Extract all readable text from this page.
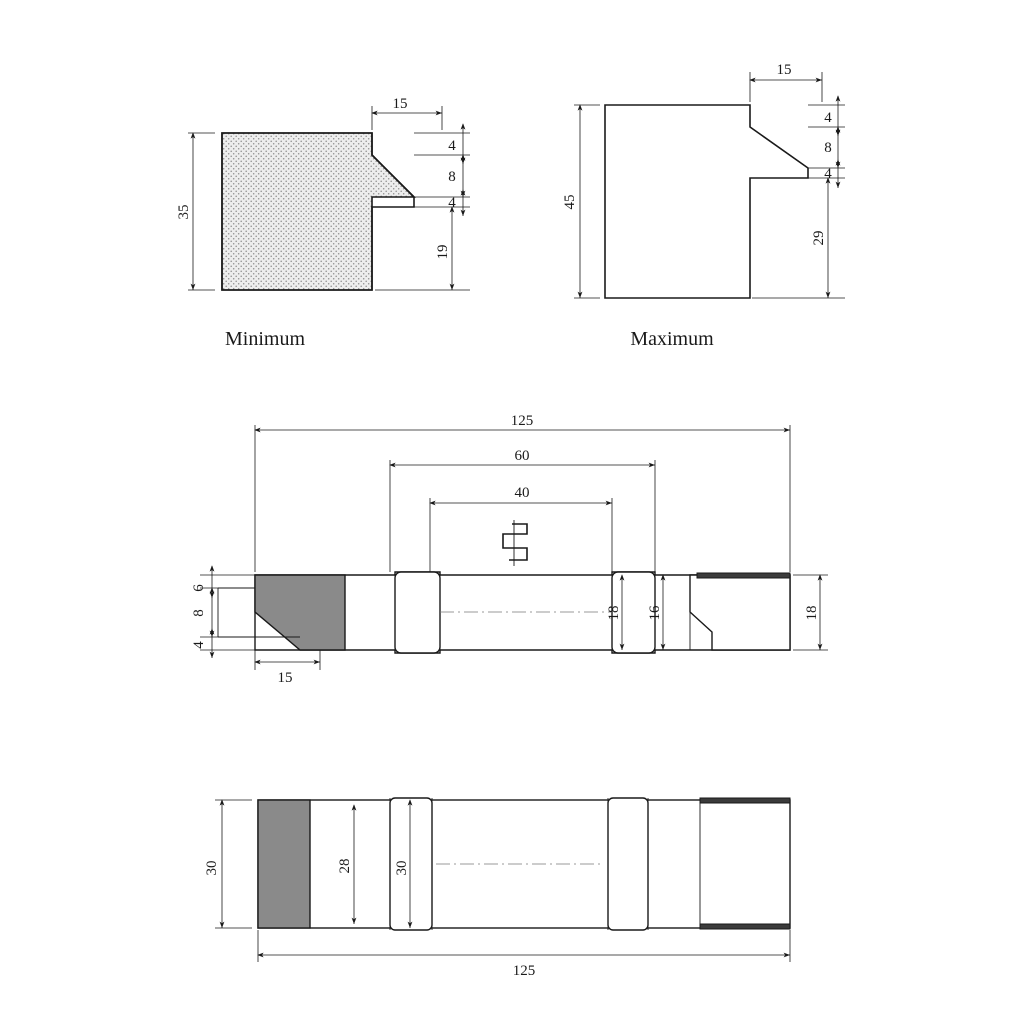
35
15
4
8
4
19
Minimum
45
15
4
8
4
29
Maximum
125
60
40
18 16	18
6
8
4
15
30	28	30
125
